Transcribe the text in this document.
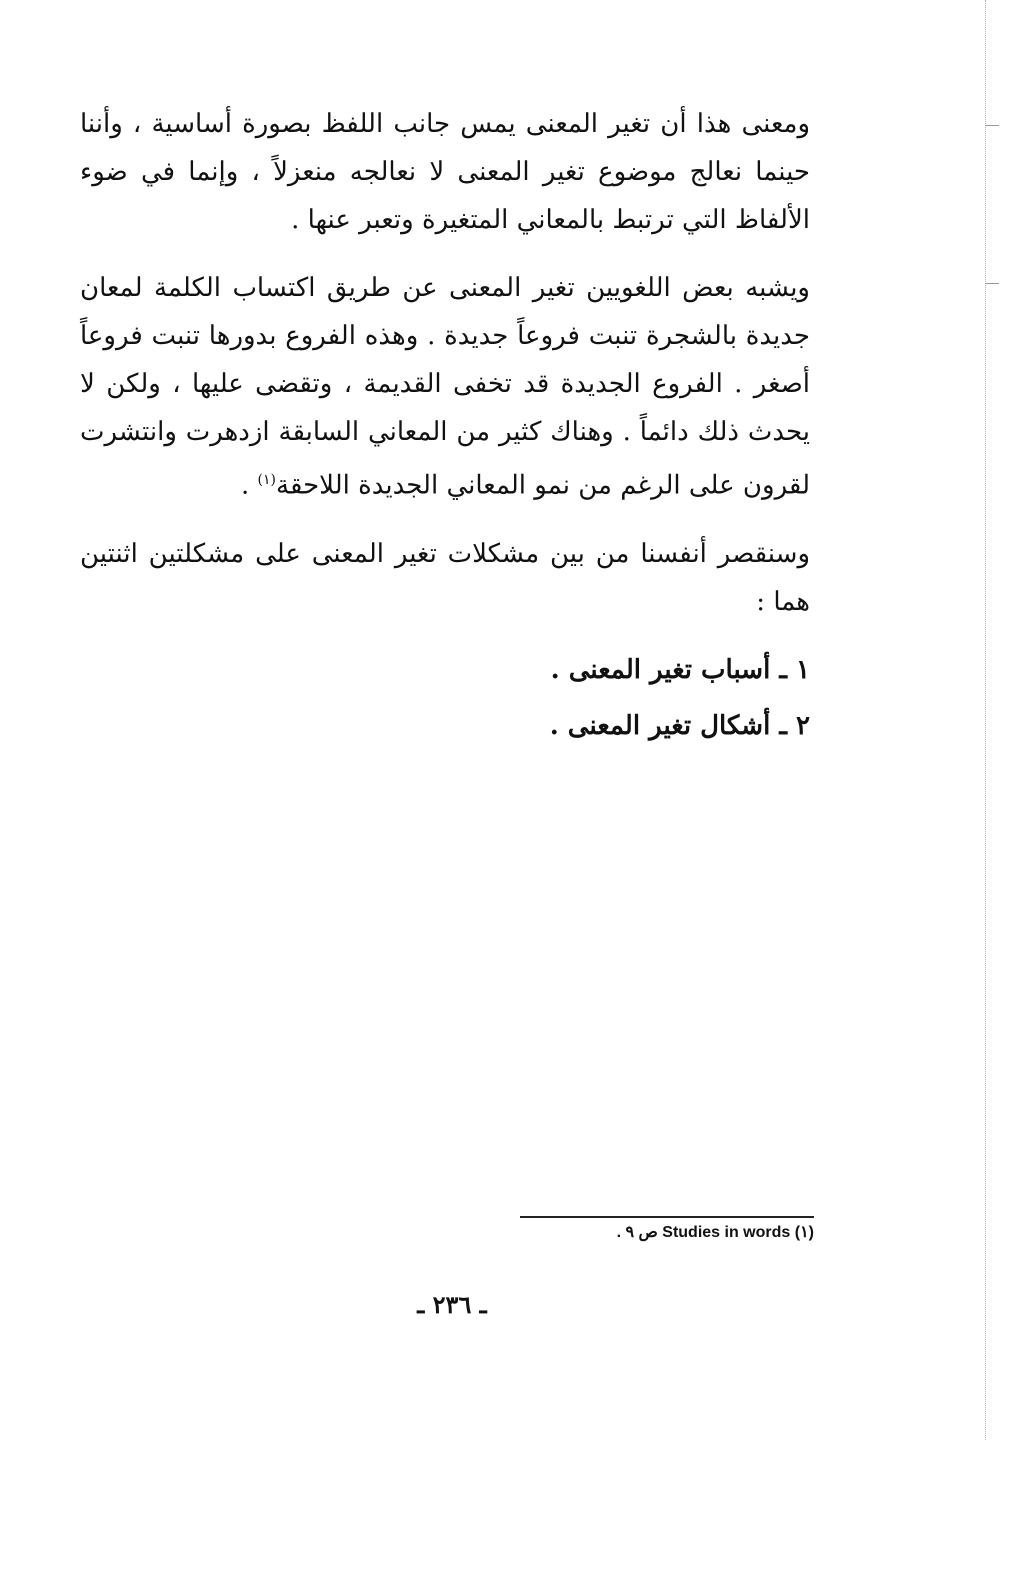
ومعنى هذا أن تغير المعنى يمس جانب اللفظ بصورة أساسية ، وأننا حينما نعالج موضوع تغير المعنى لا نعالجه منعزلاً ، وإنما في ضوء الألفاظ التي ترتبط بالمعاني المتغيرة وتعبر عنها .

ويشبه بعض اللغويين تغير المعنى عن طريق اكتساب الكلمة لمعان جديدة بالشجرة تنبت فروعاً جديدة . وهذه الفروع بدورها تنبت فروعاً أصغر . الفروع الجديدة قد تخفى القديمة ، وتقضى عليها ، ولكن لا يحدث ذلك دائماً . وهناك كثير من المعاني السابقة ازدهرت وانتشرت لقرون على الرغم من نمو المعاني الجديدة اللاحقة$^{(١)}$ .

وسنقصر أنفسنا من بين مشكلات تغير المعنى على مشكلتين اثنتين هما :

١ ـ أسباب تغير المعنى .

٢ ـ أشكال تغير المعنى .

(١) Studies in words ص ٩ .
ـ ٢٣٦ ـ
